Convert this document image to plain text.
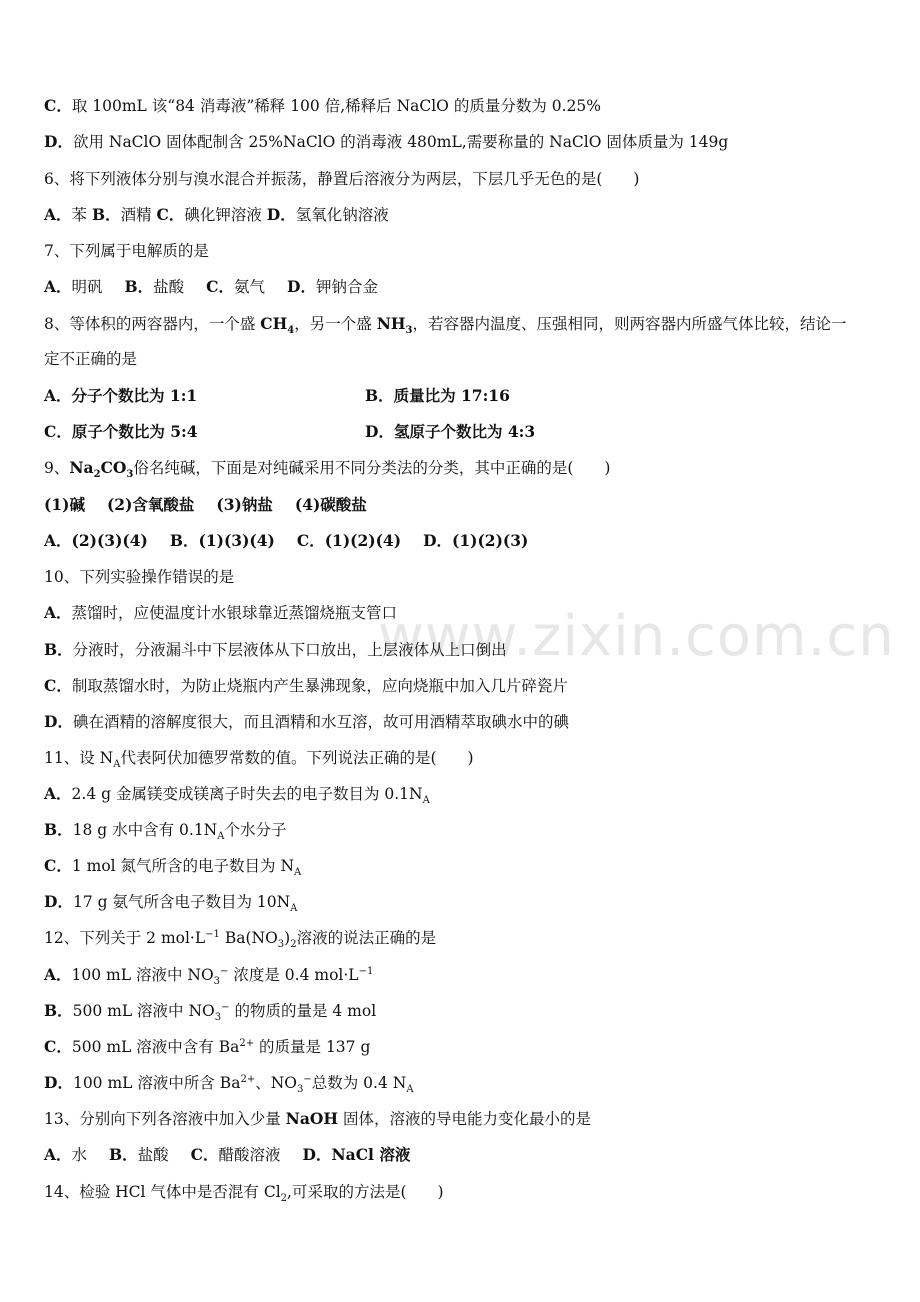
www.zixin.com.cn
C．取 100mL 该“84 消毒液”稀释 100 倍,稀释后 NaClO 的质量分数为 0.25%
D．欲用 NaClO 固体配制含 25%NaClO 的消毒液 480mL,需要称量的 NaClO 固体质量为 149g
6、将下列液体分别与溴水混合并振荡，静置后溶液分为两层，下层几乎无色的是(　　)
A．苯 B．酒精 C．碘化钾溶液 D．氢氧化钠溶液
7、下列属于电解质的是
A．明矾 B．盐酸 C．氨气 D．钾钠合金
8、等体积的两容器内，一个盛 $CH_4$，另一个盛 $NH_3$，若容器内温度、压强相同，则两容器内所盛气体比较，结论一
定不正确的是
A．分子个数比为 1:1	B．质量比为 17:16
C．原子个数比为 5:4	D．氢原子个数比为 4:3
9、$Na_2CO_3$俗名纯碱，下面是对纯碱采用不同分类法的分类，其中正确的是(　　)
(1)碱 (2)含氧酸盐 (3)钠盐 (4)碳酸盐
A．(2)(3)(4) B．(1)(3)(4) C．(1)(2)(4) D．(1)(2)(3)
10、下列实验操作错误的是
A．蒸馏时，应使温度计水银球靠近蒸馏烧瓶支管口
B．分液时，分液漏斗中下层液体从下口放出，上层液体从上口倒出
C．制取蒸馏水时，为防止烧瓶内产生暴沸现象，应向烧瓶中加入几片碎瓷片
D．碘在酒精的溶解度很大，而且酒精和水互溶，故可用酒精萃取碘水中的碘
11、设 $N_A$代表阿伏加德罗常数的值。下列说法正确的是(　　)
A．2.4 g 金属镁变成镁离子时失去的电子数目为 $0.1N_A$
B．18 g 水中含有 $0.1N_A$个水分子
C．1 mol 氮气所含的电子数目为 $N_A$
D．17 g 氨气所含电子数目为 $10N_A$
12、下列关于 2 $mol\cdot L^{-1}$ $Ba(NO_3)_2$溶液的说法正确的是
A．100 mL 溶液中 $NO_3^-$ 浓度是 0.4 $mol\cdot L^{-1}$
B．500 mL 溶液中 $NO_3^-$ 的物质的量是 4 mol
C．500 mL 溶液中含有 $Ba^{2+}$ 的质量是 137 g
D．100 mL 溶液中所含 $Ba^{2+}$、$NO_3^-$总数为 0.4 $N_A$
13、分别向下列各溶液中加入少量 NaOH 固体，溶液的导电能力变化最小的是
A．水 B．盐酸 C．醋酸溶液 D．NaCl 溶液
14、检验 HCl 气体中是否混有 $Cl_2$,可采取的方法是(　　)
